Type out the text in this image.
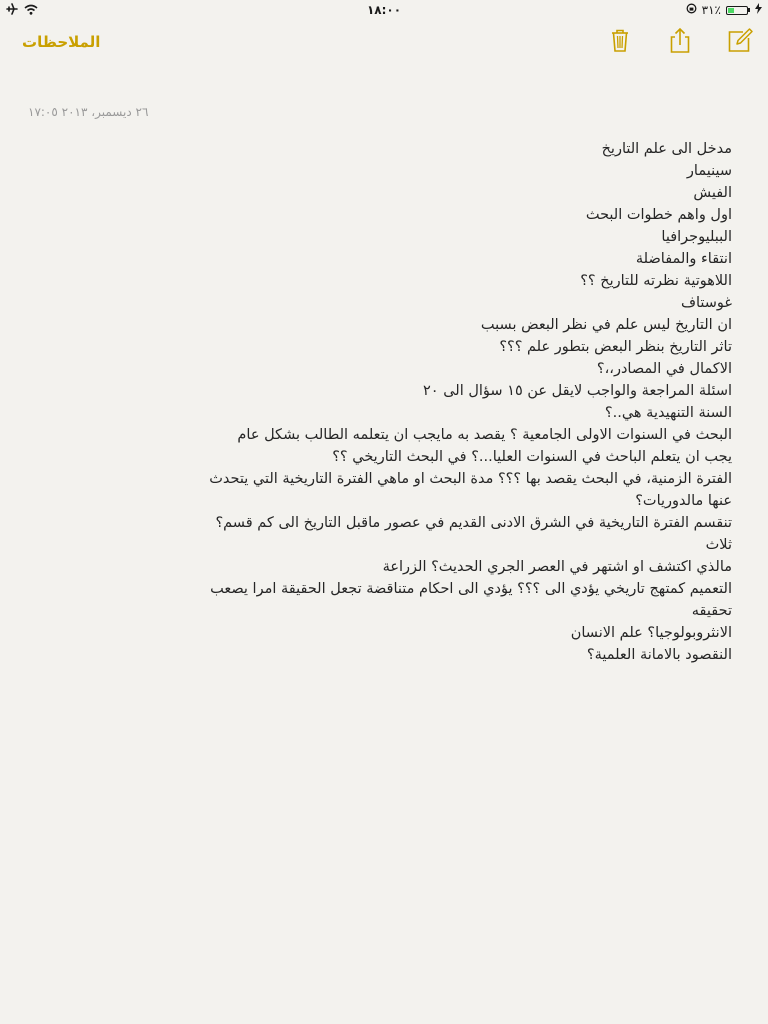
١٨:٠٠	٪٣١
الملاحظات
٢٦ ديسمبر، ٢٠١٣ ١٧:٠٥
مدخل الى علم التاريخ
سينيمار
الفيش
اول واهم خطوات البحث
الببليوجرافيا
انتقاء والمفاضلة
اللاهوتية نظرته للتاريخ ؟؟
غوستاف
ان التاريخ ليس علم في نظر البعض بسبب
تاثر التاريخ بنظر البعض بتطور علم ؟؟؟
الاكمال في المصادر،،؟
اسئلة المراجعة والواجب لايقل عن ١٥ سؤال الى ٢٠
السنة التنهيدية هي..؟
البحث في السنوات الاولى الجامعية ؟ يقصد به مايجب ان يتعلمه الطالب بشكل عام
يجب ان يتعلم الباحث في السنوات العليا...؟ في البحث التاريخي ؟؟
الفترة الزمنية، في البحث يقصد بها ؟؟؟ مدة البحث او ماهي الفترة التاريخية التي يتحدث عنها مالدوريات؟
تنقسم الفترة التاريخية في الشرق الادنى القديم في عصور ماقبل التاريخ الى كم قسم؟ ثلاث
مالذي اكتشف او اشتهر في العصر الجري الحديث؟ الزراعة
التعميم كمتهج تاريخي يؤدي الى ؟؟؟ يؤدي الى احكام متناقضة تجعل الحقيقة امرا يصعب تحقيقه
الانثروبولوجيا؟ علم الانسان
النقصود بالامانة العلمية؟
